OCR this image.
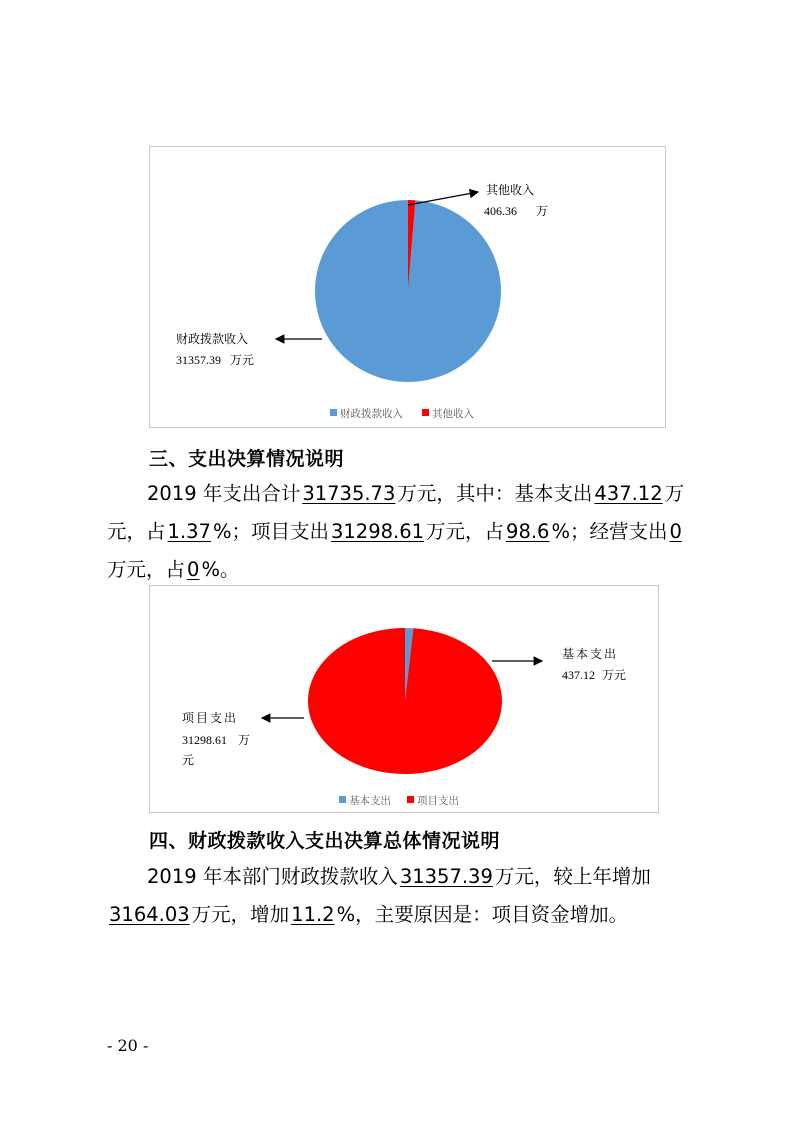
其他收入
406.36 万
财政拨款收入
31357.39 万元
财政拨款收入	其他收入
三、支出决算情况说明
2019 年支出合计 31735.73 万元，其中：基本支出 437.12 万元，占 1.37 %；项目支出 31298.61 万元，占 98.6 %；经营支出 0万元，占 0 %。
基本支出
437.12 万元
项目支出
31298.61 万
元
基本支出 项目支出
四、财政拨款收入支出决算总体情况说明
2019 年本部门财政拨款收入 31357.39 万元，较上年增加3164.03 万元，增加 11.2 %，主要原因是：项目资金增加。
- 20 -
